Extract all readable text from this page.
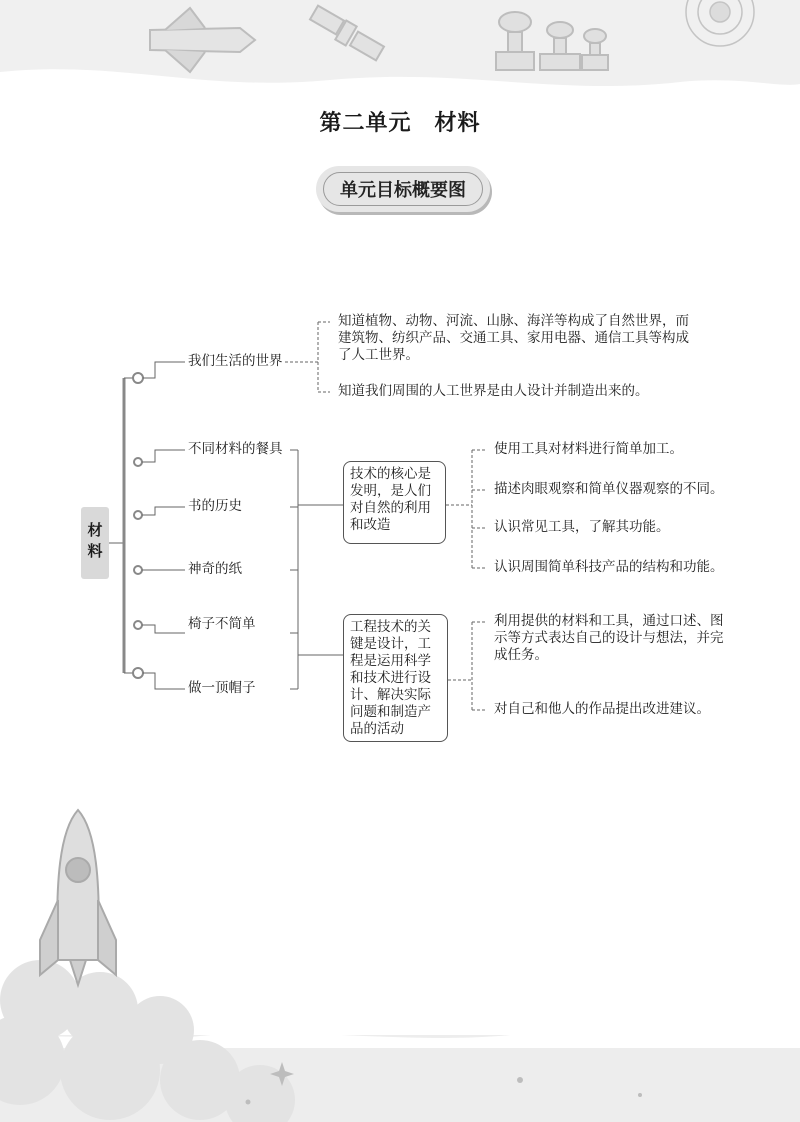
第二单元　材料
单元目标概要图
材料
我们生活的世界
不同材料的餐具
书的历史
神奇的纸
椅子不简单
做一顶帽子
知道植物、动物、河流、山脉、海洋等构成了自然世界，而建筑物、纺织产品、交通工具、家用电器、通信工具等构成了人工世界。
知道我们周围的人工世界是由人设计并制造出来的。
技术的核心是发明，是人们对自然的利用和改造
使用工具对材料进行简单加工。
描述肉眼观察和简单仪器观察的不同。
认识常见工具，了解其功能。
认识周围简单科技产品的结构和功能。
工程技术的关键是设计，工程是运用科学和技术进行设计、解决实际问题和制造产品的活动
利用提供的材料和工具，通过口述、图示等方式表达自己的设计与想法，并完成任务。
对自己和他人的作品提出改进建议。
